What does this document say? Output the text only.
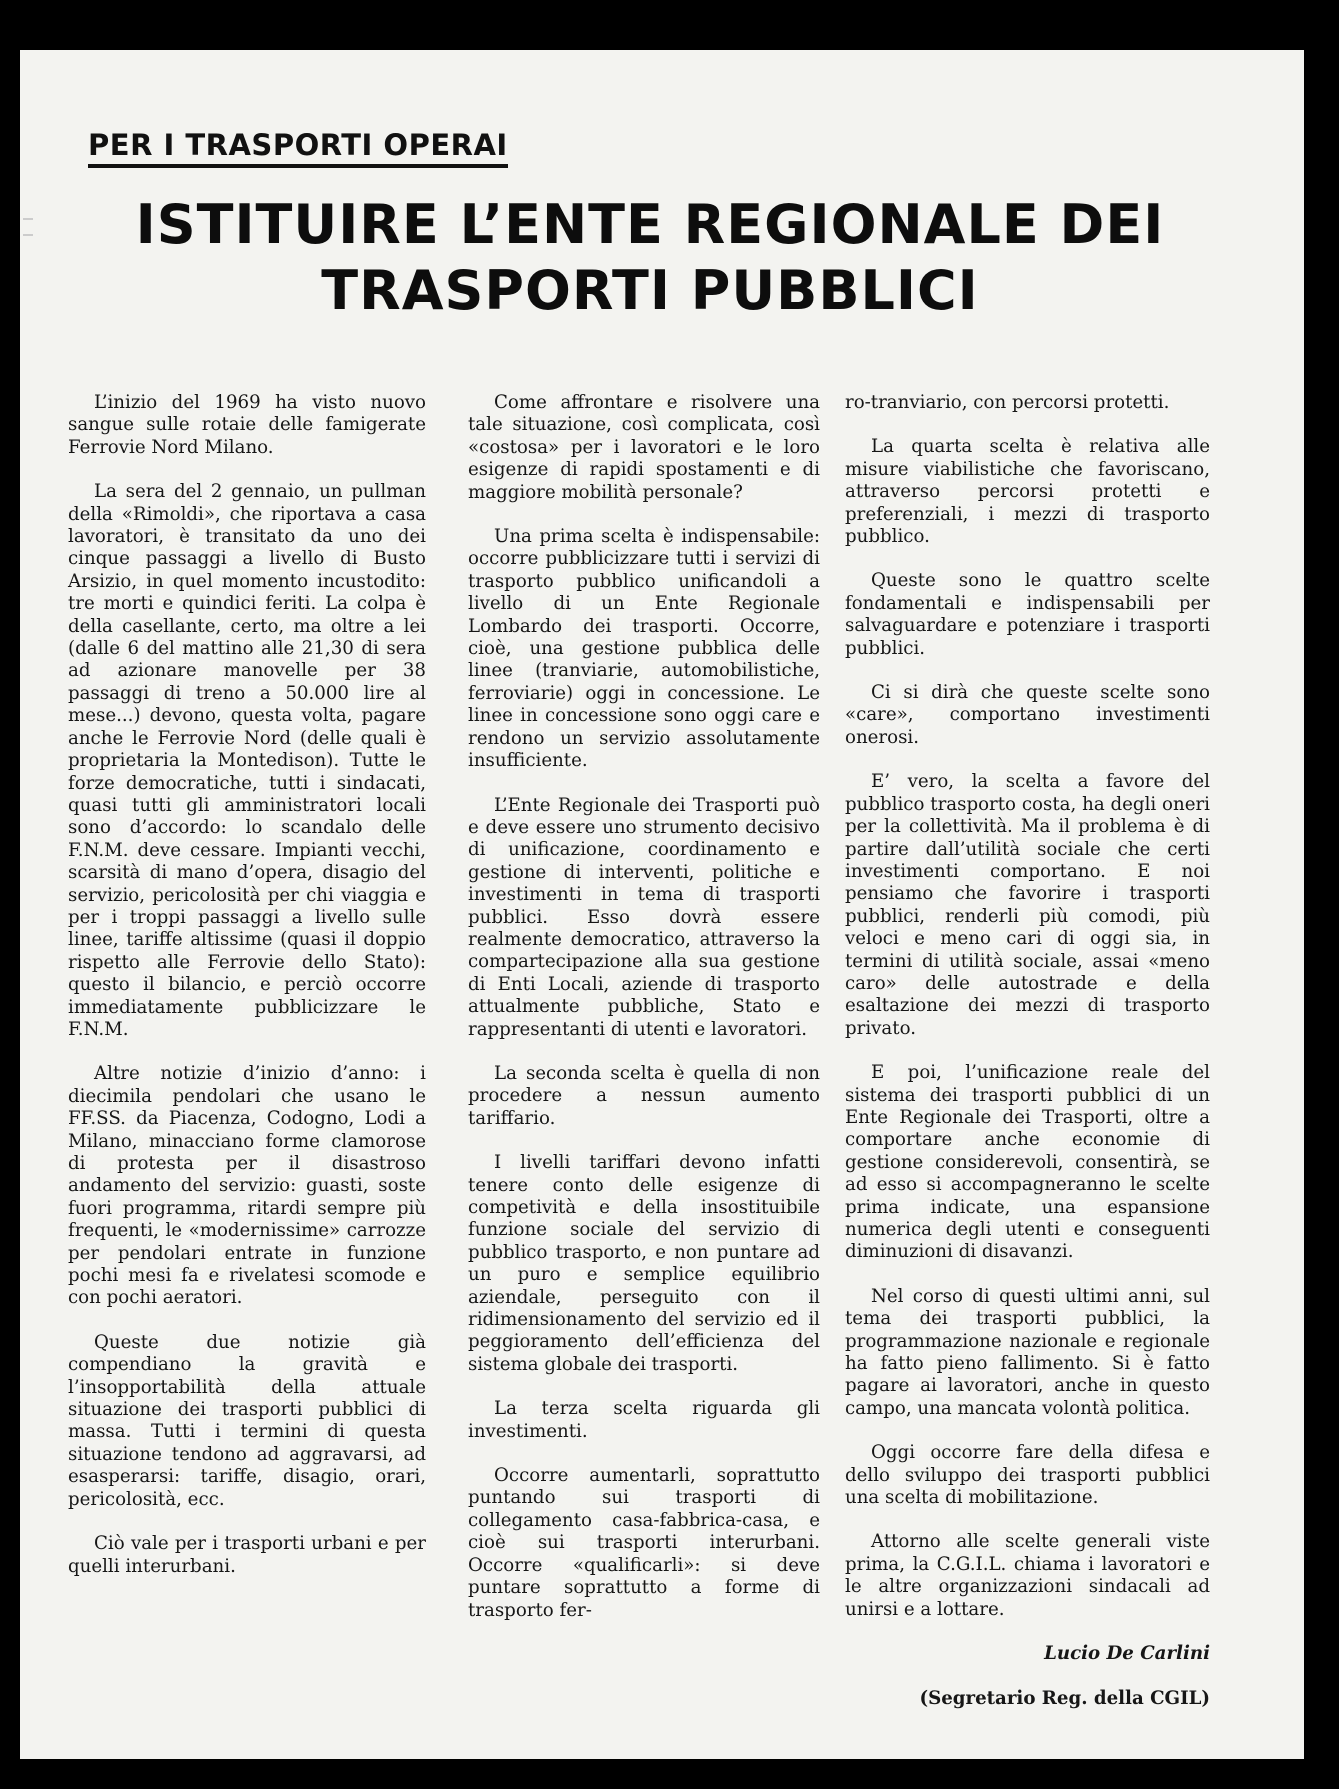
PER I TRASPORTI OPERAI
ISTITUIRE L’ENTE REGIONALE DEI
TRASPORTI PUBBLICI

L’inizio del 1969 ha visto nuovo sangue sulle rotaie delle famigerate Ferrovie Nord Milano.

La sera del 2 gennaio, un pullman della «Rimoldi», che riportava a casa lavoratori, è transitato da uno dei cinque passaggi a livello di Busto Arsizio, in quel momento incustodito: tre morti e quindici feriti. La colpa è della casellante, certo, ma oltre a lei (dalle 6 del mattino alle 21,30 di sera ad azionare manovelle per 38 passaggi di treno a 50.000 lire al mese...) devono, questa volta, pagare anche le Ferrovie Nord (delle quali è proprietaria la Montedison). Tutte le forze democratiche, tutti i sindacati, quasi tutti gli amministratori locali sono d’accordo: lo scandalo delle F.N.M. deve cessare. Impianti vecchi, scarsità di mano d’opera, disagio del servizio, pericolosità per chi viaggia e per i troppi passaggi a livello sulle linee, tariffe altissime (quasi il doppio rispetto alle Ferrovie dello Stato): questo il bilancio, e perciò occorre immediatamente pubblicizzare le F.N.M.

Altre notizie d’inizio d’anno: i diecimila pendolari che usano le FF.SS. da Piacenza, Codogno, Lodi a Milano, minacciano forme clamorose di protesta per il disastroso andamento del servizio: guasti, soste fuori programma, ritardi sempre più frequenti, le «modernissime» carrozze per pendolari entrate in funzione pochi mesi fa e rivelatesi scomode e con pochi aeratori.

Queste due notizie già compendiano la gravità e l’insopportabilità della attuale situazione dei trasporti pubblici di massa. Tutti i termini di questa situazione tendono ad aggravarsi, ad esasperarsi: tariffe, disagio, orari, pericolosità, ecc.

Ciò vale per i trasporti urbani e per quelli interurbani.

Come affrontare e risolvere una tale situazione, così complicata, così «costosa» per i lavoratori e le loro esigenze di rapidi spostamenti e di maggiore mobilità personale?

Una prima scelta è indispensabile: occorre pubblicizzare tutti i servizi di trasporto pubblico unificandoli a livello di un Ente Regionale Lombardo dei trasporti. Occorre, cioè, una gestione pubblica delle linee (tranviarie, automobilistiche, ferroviarie) oggi in concessione. Le linee in concessione sono oggi care e rendono un servizio assolutamente insufficiente.

L’Ente Regionale dei Trasporti può e deve essere uno strumento decisivo di unificazione, coordinamento e gestione di interventi, politiche e investimenti in tema di trasporti pubblici. Esso dovrà essere realmente democratico, attraverso la compartecipazione alla sua gestione di Enti Locali, aziende di trasporto attualmente pubbliche, Stato e rappresentanti di utenti e lavoratori.

La seconda scelta è quella di non procedere a nessun aumento tariffario.

I livelli tariffari devono infatti tenere conto delle esigenze di competività e della insostituibile funzione sociale del servizio di pubblico trasporto, e non puntare ad un puro e semplice equilibrio aziendale, perseguito con il ridimensionamento del servizio ed il peggioramento dell’efficienza del sistema globale dei trasporti.

La terza scelta riguarda gli investimenti.

Occorre aumentarli, soprattutto puntando sui trasporti di collegamento casa-fabbrica-casa, e cioè sui trasporti interurbani. Occorre «qualificarli»: si deve puntare soprattutto a forme di trasporto fer-

ro-tranviario, con percorsi protetti.

La quarta scelta è relativa alle misure viabilistiche che favoriscano, attraverso percorsi protetti e preferenziali, i mezzi di trasporto pubblico.

Queste sono le quattro scelte fondamentali e indispensabili per salvaguardare e potenziare i trasporti pubblici.

Ci si dirà che queste scelte sono «care», comportano investimenti onerosi.

E’ vero, la scelta a favore del pubblico trasporto costa, ha degli oneri per la collettività. Ma il problema è di partire dall’utilità sociale che certi investimenti comportano. E noi pensiamo che favorire i trasporti pubblici, renderli più comodi, più veloci e meno cari di oggi sia, in termini di utilità sociale, assai «meno caro» delle autostrade e della esaltazione dei mezzi di trasporto privato.

E poi, l’unificazione reale del sistema dei trasporti pubblici di un Ente Regionale dei Trasporti, oltre a comportare anche economie di gestione considerevoli, consentirà, se ad esso si accompagneranno le scelte prima indicate, una espansione numerica degli utenti e conseguenti diminuzioni di disavanzi.

Nel corso di questi ultimi anni, sul tema dei trasporti pubblici, la programmazione nazionale e regionale ha fatto pieno fallimento. Si è fatto pagare ai lavoratori, anche in questo campo, una mancata volontà politica.

Oggi occorre fare della difesa e dello sviluppo dei trasporti pubblici una scelta di mobilitazione.

Attorno alle scelte generali viste prima, la C.G.I.L. chiama i lavoratori e le altre organizzazioni sindacali ad unirsi e a lottare.

Lucio De Carlini

(Segretario Reg. della CGIL)
